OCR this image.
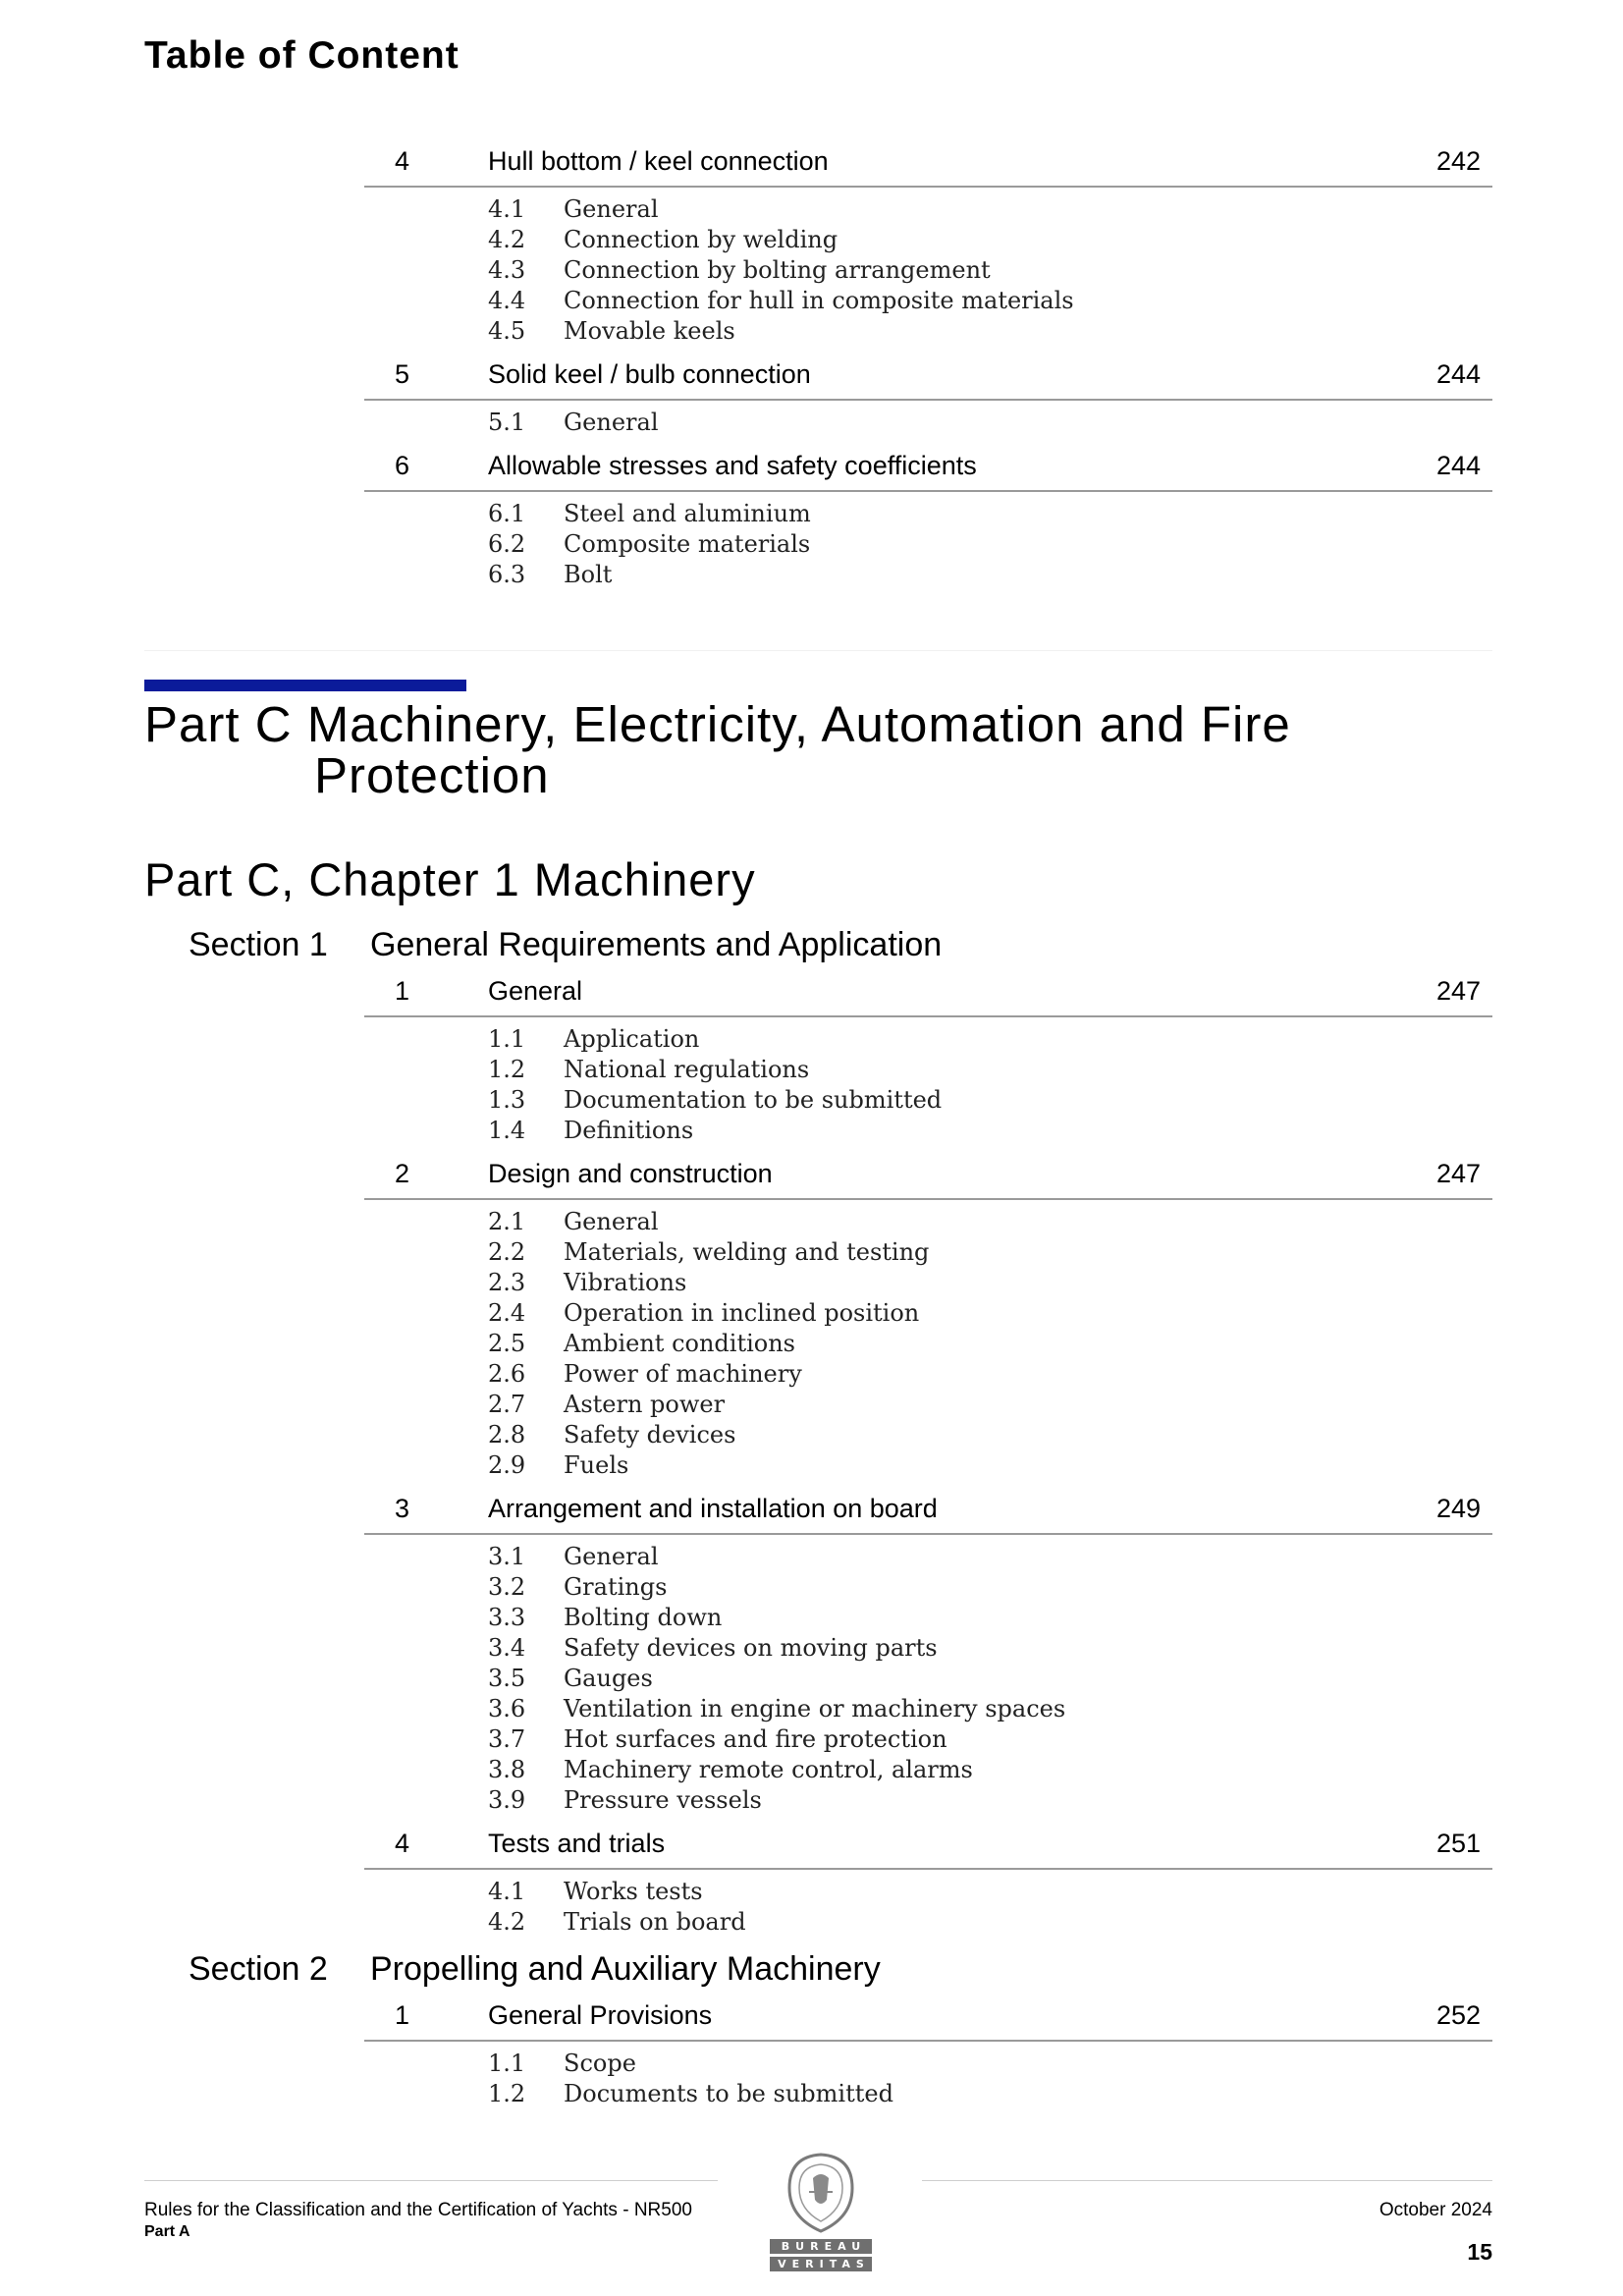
Table of Content
4	Hull bottom / keel connection	242
4.1 General
4.2 Connection by welding
4.3 Connection by bolting arrangement
4.4 Connection for hull in composite materials
4.5 Movable keels
5	Solid keel / bulb connection	244
5.1 General
6	Allowable stresses and safety coefficients	244
6.1 Steel and aluminium
6.2 Composite materials
6.3 Bolt
Part C Machinery, Electricity, Automation and Fire
Protection
Part C, Chapter 1 Machinery
Section 1 General Requirements and Application
1	General	247
1.1 Application
1.2 National regulations
1.3 Documentation to be submitted
1.4 Definitions
2	Design and construction	247
2.1 General
2.2 Materials, welding and testing
2.3 Vibrations
2.4 Operation in inclined position
2.5 Ambient conditions
2.6 Power of machinery
2.7 Astern power
2.8 Safety devices
2.9 Fuels
3	Arrangement and installation on board	249
3.1 General
3.2 Gratings
3.3 Bolting down
3.4 Safety devices on moving parts
3.5 Gauges
3.6 Ventilation in engine or machinery spaces
3.7 Hot surfaces and fire protection
3.8 Machinery remote control, alarms
3.9 Pressure vessels
4	Tests and trials	251
4.1 Works tests
4.2 Trials on board
Section 2 Propelling and Auxiliary Machinery
1	General Provisions	252
1.1 Scope
1.2 Documents to be submitted
Rules for the Classification and the Certification of Yachts - NR500
Part A
October 2024
15
BUREAU
VERITAS
